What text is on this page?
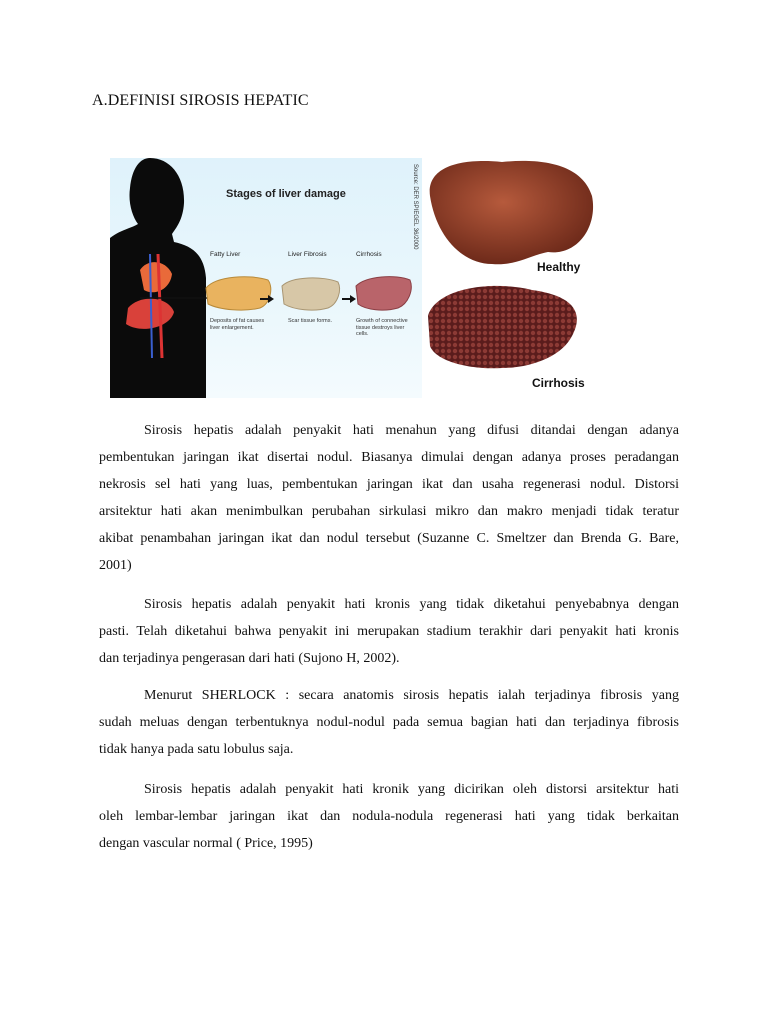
A.DEFINISI SIROSIS HEPATIC
Stages of liver damage
Fatty Liver	Liver Fibrosis	Cirrhosis
Deposits of fat causes liver enlargement.
Scar tissue forms.	Growth of connective tissue destroys liver cells.
Source: DER SPIEGEL 36/2000
Healthy
Cirrhosis
Sirosis hepatis adalah penyakit hati menahun yang difusi ditandai dengan adanya
pembentukan jaringan ikat disertai nodul. Biasanya dimulai dengan adanya proses peradangan
nekrosis sel hati yang luas, pembentukan jaringan ikat dan usaha regenerasi nodul. Distorsi
arsitektur hati akan menimbulkan perubahan sirkulasi mikro dan makro menjadi tidak teratur
akibat penambahan jaringan ikat dan nodul tersebut (Suzanne C. Smeltzer dan Brenda G. Bare,
2001)
Sirosis hepatis adalah penyakit hati kronis yang tidak diketahui penyebabnya dengan
pasti. Telah diketahui bahwa penyakit ini merupakan stadium terakhir dari penyakit hati kronis
dan terjadinya pengerasan dari hati (Sujono H, 2002).
Menurut SHERLOCK : secara anatomis sirosis hepatis ialah terjadinya fibrosis yang
sudah meluas dengan terbentuknya nodul-nodul pada semua bagian hati dan terjadinya fibrosis
tidak hanya pada satu lobulus saja.
Sirosis hepatis adalah penyakit hati kronik yang dicirikan oleh distorsi arsitektur hati
oleh lembar-lembar jaringan ikat dan nodula-nodula regenerasi hati yang tidak berkaitan
dengan vascular normal ( Price, 1995)
